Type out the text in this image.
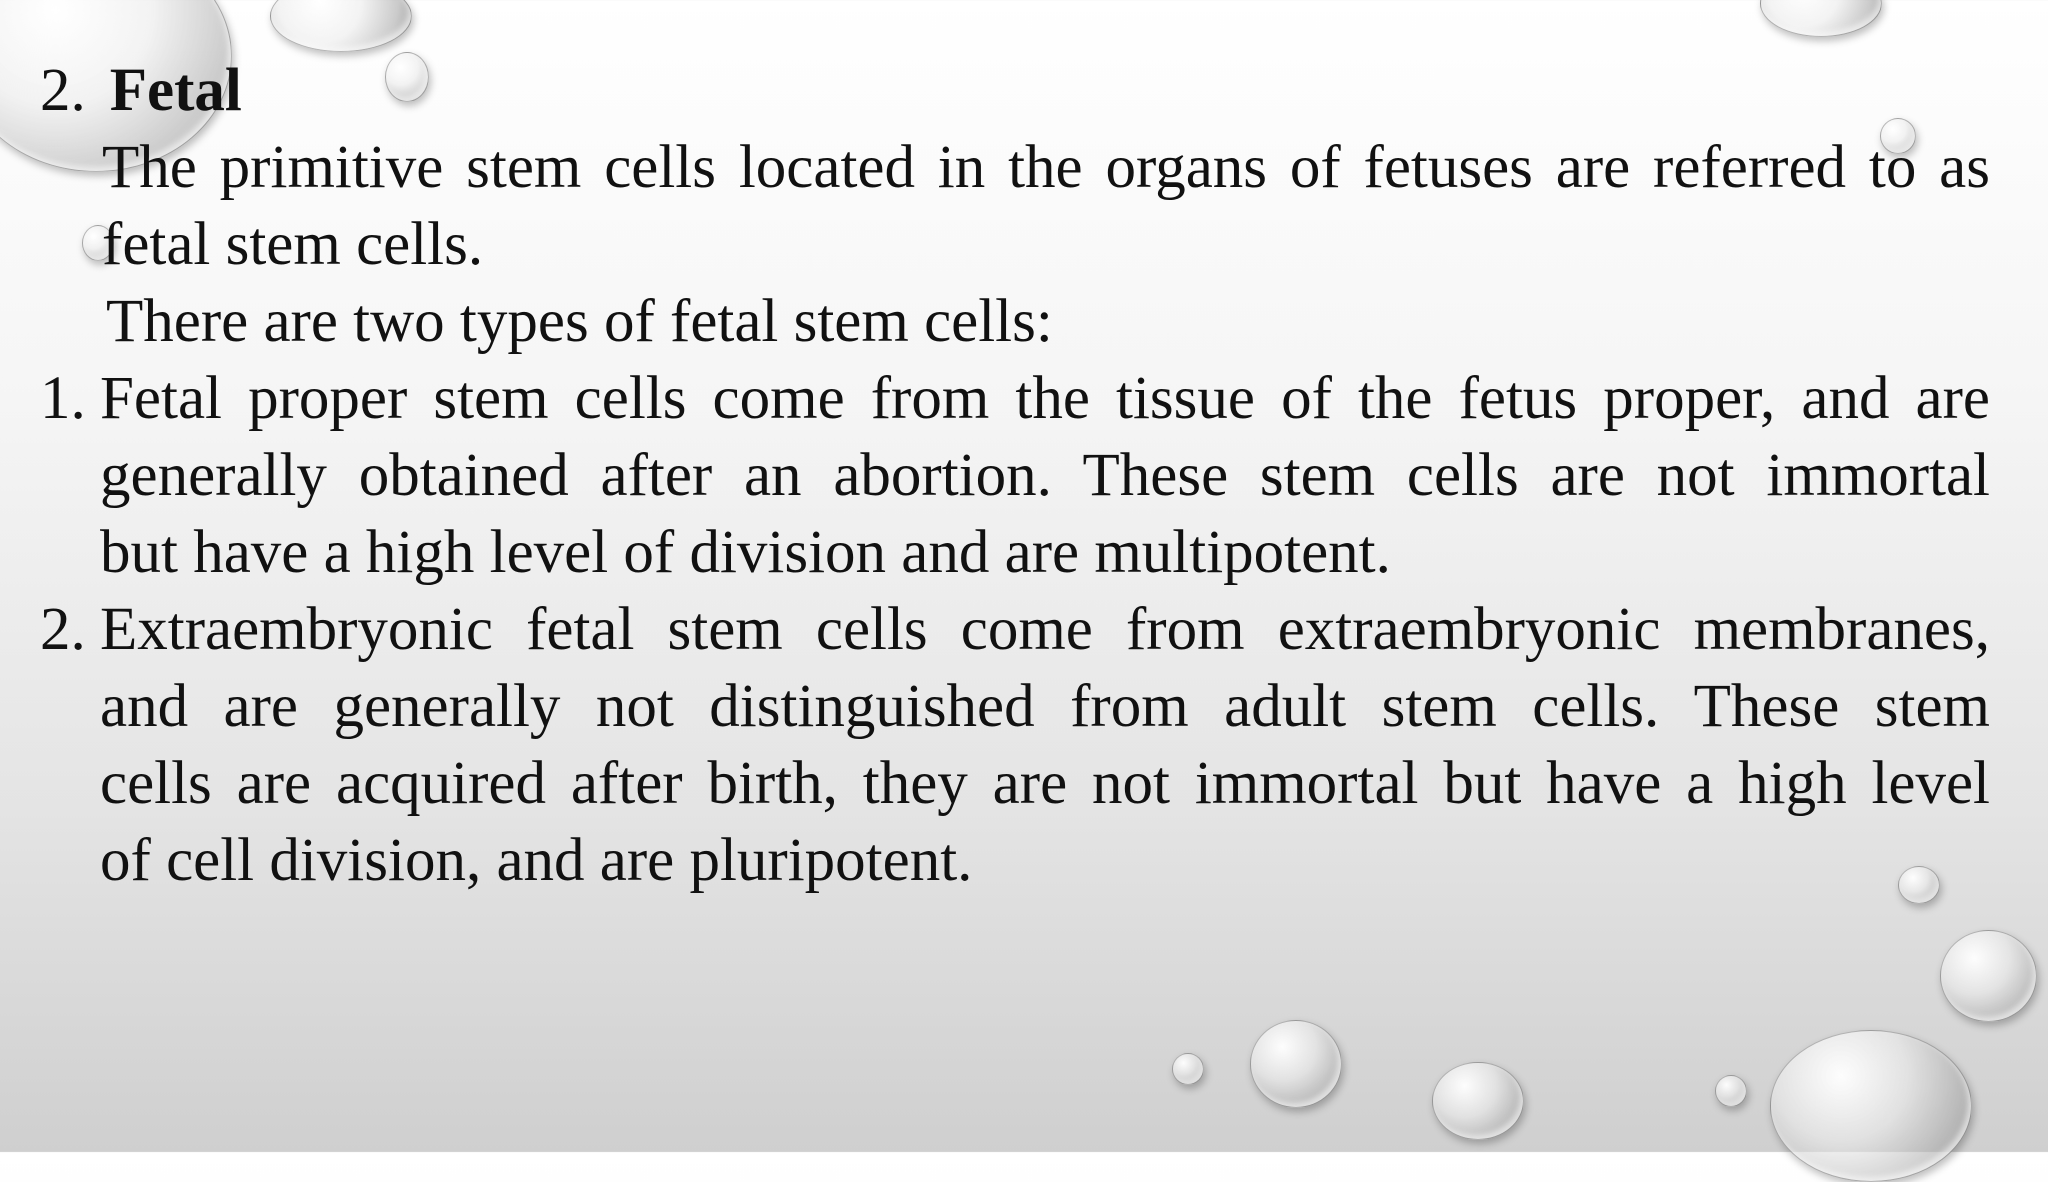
2. Fetal

The primitive stem cells located in the organs of fetuses are referred to as

fetal stem cells.

There are two types of fetal stem cells:

1. Fetal proper stem cells come from the tissue of the fetus proper, and are
generally obtained after an abortion. These stem cells are not immortal
but have a high level of division and are multipotent.
2. Extraembryonic fetal stem cells come from extraembryonic membranes,
and are generally not distinguished from adult stem cells. These stem
cells are acquired after birth, they are not immortal but have a high level
of cell division, and are pluripotent.
